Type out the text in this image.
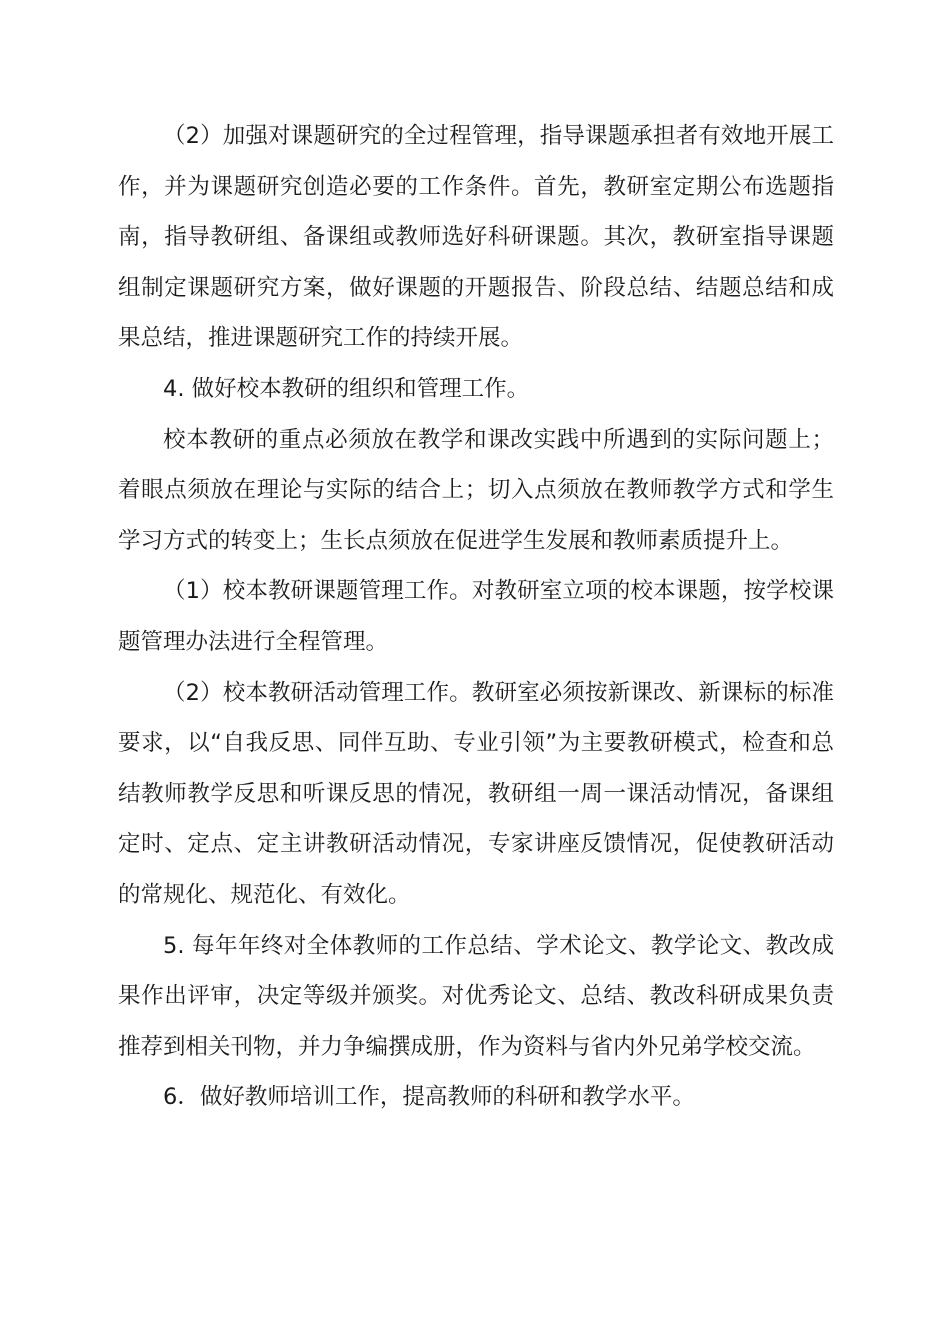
（2）加强对课题研究的全过程管理，指导课题承担者有效地开展工作，并为课题研究创造必要的工作条件。首先，教研室定期公布选题指南，指导教研组、备课组或教师选好科研课题。其次，教研室指导课题组制定课题研究方案，做好课题的开题报告、阶段总结、结题总结和成果总结，推进课题研究工作的持续开展。

4. 做好校本教研的组织和管理工作。

校本教研的重点必须放在教学和课改实践中所遇到的实际问题上；着眼点须放在理论与实际的结合上；切入点须放在教师教学方式和学生学习方式的转变上；生长点须放在促进学生发展和教师素质提升上。

（1）校本教研课题管理工作。对教研室立项的校本课题，按学校课题管理办法进行全程管理。

（2）校本教研活动管理工作。教研室必须按新课改、新课标的标准要求，以“自我反思、同伴互助、专业引领”为主要教研模式，检查和总结教师教学反思和听课反思的情况，教研组一周一课活动情况，备课组定时、定点、定主讲教研活动情况，专家讲座反馈情况，促使教研活动的常规化、规范化、有效化。

5. 每年年终对全体教师的工作总结、学术论文、教学论文、教改成果作出评审，决定等级并颁奖。对优秀论文、总结、教改科研成果负责推荐到相关刊物，并力争编撰成册，作为资料与省内外兄弟学校交流。

6．做好教师培训工作，提高教师的科研和教学水平。
